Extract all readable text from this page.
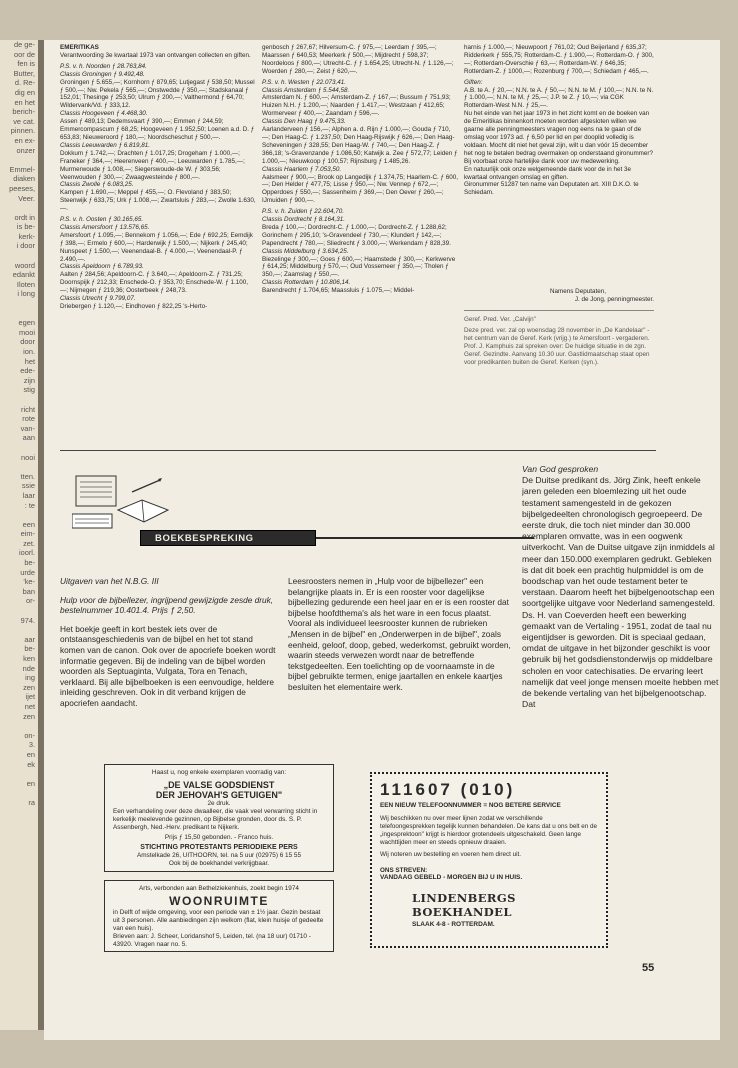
de ge-
oor de
fen is
Butter,
d. Re-
dig en
en het
berich-
ve cat.
pinnen.
en ex-
onzer

Emmel-
diaken
peeses,
Veer.

ordt in
is be-
kerk-
i door

woord
edankt
Iloten
i long

egen
mooi
door
ion.
het
ede-
zijn
stig

richt
rote
van-
aan

nooi

tten.
ssie
laar
: te

een
eim-
zet.
ioorl.
be-
urde
'ke-
ban
or-

974.

aar
be-
ken
nde
ing
zen
ijet
net
zen

on-
3.
en
ek

en

ra

EMERITIKAS

Verantwoording 3e kwartaal 1973 van ontvangen collecten en giften.

P.S. v. h. Noorden ƒ 28.763,84.

Classis Groningen ƒ 9.492,48.

Groningen ƒ 5.655,—; Kornhorn ƒ 879,65; Lutjegast ƒ 538,50; Mussel ƒ 500,—; Nw. Pekela ƒ 565,—; Onstwedde ƒ 350,—; Stadskanaal ƒ 152,01; Thesinge ƒ 253,50; Ulrum ƒ 200,—; Valthermond ƒ 64,70; Wildervank/Vd. ƒ 333,12.

Classis Hoogeveen ƒ 4.468,30.

Assen ƒ 489,13; Dedemsvaart ƒ 390,—; Emmen ƒ 244,59; Emmercompascum ƒ 68,25; Hoogeveen ƒ 1.952,50; Loenen a.d. D. ƒ 653,83; Nieuweroord ƒ 180,—; Noordscheschut ƒ 500,—.

Classis Leeuwarden ƒ 6.819,81.

Dokkum ƒ 1.742,—; Drachten ƒ 1.017,25; Drogeham ƒ 1.000,—; Franeker ƒ 364,—; Heerenveen ƒ 400,—; Leeuwarden ƒ 1.785,—; Murmerwoude ƒ 1.008,—; Siegerswoude-de W. ƒ 303,56; Veenwouden ƒ 300,—; Zwaagwesteinde ƒ 800,—.

Classis Zwolle ƒ 6.083,25.

Kampen ƒ 1.690,—; Meppel ƒ 455,—; O. Flevoland ƒ 383,50; Steenwijk ƒ 633,75; Urk ƒ 1.008,—; Zwartsluis ƒ 283,—; Zwolle 1.630,—.

P.S. v. h. Oosten ƒ 30.165,65.

Classis Amersfoort ƒ 13.576,65.

Amersfoort ƒ 1.095,—; Bennekom ƒ 1.056,—; Ede ƒ 692,25; Eemdijk ƒ 398,—; Ermelo ƒ 600,—; Harderwijk ƒ 1.500,—; Nijkerk ƒ 245,40; Nunspeet ƒ 1.500,—; Veenendaal-B. ƒ 4.000,—; Veenendaal-P. ƒ 2.490,—.

Classis Apeldoorn ƒ 6.789,93.

Aalten ƒ 284,56; Apeldoorn-C. ƒ 3.640,—; Apeldoorn-Z. ƒ 731,25; Doornspijk ƒ 212,33; Enschede-O. ƒ 353,70; Enschede-W. ƒ 1.100,—; Nijmegen ƒ 219,36; Oosterbeek ƒ 248,73.

Classis Utrecht ƒ 9.799,07.

Driebergen ƒ 1.120,—; Eindhoven ƒ 822,25 's-Herto-

genbosch ƒ 267,67; Hilversum-C. ƒ 975,—; Leerdam ƒ 395,—; Maarssen ƒ 640,53; Meerkerk ƒ 500,—; Mijdrecht ƒ 598,37; Noordeloos ƒ 800,—; Utrecht-C. ƒ ƒ 1.654,25; Utrecht-N. ƒ 1.126,—; Woerden ƒ 280,—; Zeist ƒ 620,—.

P.S. v. h. Westen ƒ 22.073,41.

Classis Amsterdam ƒ 5.544,58.

Amsterdam N. ƒ 600,—; Amsterdam-Z. ƒ 167,—; Bussum ƒ 751,93; Huizen N.H. ƒ 1.200,—; Naarden ƒ 1.417,—; Westzaan ƒ 412,65; Wormerveer ƒ 400,—; Zaandam ƒ 596,—.

Classis Den Haag ƒ 9.475,33.

Aarlanderveen ƒ 156,—; Alphen a. d. Rijn ƒ 1.000,—; Gouda ƒ 710,—; Den Haag-C. ƒ 1.237,50; Den Haag-Rijswijk ƒ 626,—; Den Haag-Scheveningen ƒ 328,55; Den Haag-W. ƒ 740,—; Den Haag-Z. ƒ 366,18; 's-Gravenzande ƒ 1.086,50; Katwijk a. Zee ƒ 572,77; Leiden ƒ 1.000,—; Nieuwkoop ƒ 100,57; Rijnsburg ƒ 1.485,26.

Classis Haarlem ƒ 7.053,50.

Aalsmeer ƒ 900,—; Brook op Langedijk ƒ 1.374,75; Haarlem-C. ƒ 600,—; Den Helder ƒ 477,75; Lisse ƒ 950,—; Nw. Vennep ƒ 672,—; Opperdoes ƒ 550,—; Sassenheim ƒ 369,—; Den Oever ƒ 260,—; IJmuiden ƒ 900,—.

P.S. v. h. Zuiden ƒ 22.604,70.

Classis Dordrecht ƒ 8.164,31.

Breda ƒ 100,—; Dordrecht-C. ƒ 1.000,—; Dordrecht-Z. ƒ 1.288,62; Gorinchem ƒ 295,10; 's-Gravendeel ƒ 730,—; Klundert ƒ 142,—; Papendrecht ƒ 780,—; Sliedrecht ƒ 3.000,—; Werkendam ƒ 828,39.

Classis Middelburg ƒ 3.634,25.

Biezelinge ƒ 300,—; Goes ƒ 600,—; Haamstede ƒ 300,—; Kerkwerve ƒ 614,25; Middelburg ƒ 570,—; Oud Vossemeer ƒ 350,—; Tholen ƒ 350,—; Zaamslag ƒ 550,—.

Classis Rotterdam ƒ 10.806,14.

Barendrecht ƒ 1.704,65; Maassluis ƒ 1.075,—; Middel-

harnis ƒ 1.000,—; Nieuwpoort ƒ 761,02; Oud Beijerland ƒ 635,37; Ridderkerk ƒ 555,75; Rotterdam-C. ƒ 1.900,—; Rotterdam-O. ƒ 300,—; Rotterdam-Overschie ƒ 63,—; Rotterdam-W. ƒ 646,35; Rotterdam-Z. ƒ 1000,—; Rozenburg ƒ 700,—; Schiedam ƒ 465,—.

Giften:

A.B. te A. ƒ 20,—; N.N. te A. ƒ 50,—; N.N. te M. ƒ 100,—; N.N. te N. ƒ 1.000,—; N.N. te M. ƒ 25,—; J.P. te Z. ƒ 10,—; via CGK Rotterdam-West N.N. ƒ 25,—.

Nu het einde van het jaar 1973 in het zicht komt en de boeken van de Emeritikas binnenkort moeten worden afgesloten willen we gaarne alle penningmeesters vragen nog eens na te gaan of de omslag voor 1973 ad. ƒ 6,50 per lid en per dooplid volledig is voldaan. Mocht dit niet het geval zijn, wilt u dan vóór 15 december het nog te betalen bedrag overmaken op onderstaand gironummer? Bij voorbaat onze hartelijke dank voor uw medewerking.

En natuurlijk ook onze welgemeende dank voor de in het 3e kwartaal ontvangen omslag en giften.

Gironummer 51287 ten name van Deputaten art. XIII D.K.O. te Schiedam.

Namens Deputaten,

J. de Jong, penningmeester.

Geref. Pred. Ver. „Calvijn"

Deze pred. ver. zal op woensdag 28 november in „De Kandelaar" - het centrum van de Geref. Kerk (vrijg.) te Amersfoort - vergaderen. Prof. J. Kamphuis zal spreken over: De huidige situatie in de zgn. Geref. Gezindte. Aanvang 10.30 uur. Gastlidmaatschap staat open voor predikanten buiten de Geref. Kerken (syn.).

BOEKBESPREKING

Uitgaven van het N.B.G. III

Hulp voor de bijbellezer, ingrijpend gewijzigde zesde druk, bestelnummer 10.401.4. Prijs ƒ 2,50.

Het boekje geeft in kort bestek iets over de ontstaansgeschiedenis van de bijbel en het tot stand komen van de canon. Ook over de apocriefe boeken wordt informatie gegeven. Bij de indeling van de bijbel worden woorden als Septuaginta, Vulgata, Tora en Tenach, verklaard. Bij alle bijbelboeken is een eenvoudige, heldere inleiding geschreven. Ook in dit verband krijgen de apocriefen aandacht.

Leesroosters nemen in „Hulp voor de bijbellezer" een belangrijke plaats in. Er is een rooster voor dagelijkse bijbellezing gedurende een heel jaar en er is een rooster dat bijbelse hoofdthema's als het ware in een focus plaatst. Vooral als individueel leesrooster kunnen de rubrieken „Mensen in de bijbel" en „Onderwerpen in de bijbel", zoals eenheid, geloof, doop, gebed, wederkomst, gebruikt worden, waarin steeds verwezen wordt naar de betreffende tekstgedeelten. Een toelichting op de voornaamste in de bijbel gebruikte termen, enige jaartallen en enkele kaartjes besluiten het elementaire werk.

Van God gesproken

De Duitse predikant ds. Jörg Zink, heeft enkele jaren geleden een bloemlezing uit het oude testament samengesteld in de gekozen bijbelgedeelten chronologisch gegroepeerd. De eerste druk, die toch niet minder dan 30.000 exemplaren omvatte, was in een oogwenk uitverkocht. Van de Duitse uitgave zijn inmiddels al meer dan 150.000 exemplaren gedrukt. Gebleken is dat dit boek een prachtig hulpmiddel is om de boodschap van het oude testament beter te verstaan. Daarom heeft het bijbelgenootschap een soortgelijke uitgave voor Nederland samengesteld. Ds. H. van Coeverden heeft een bewerking gemaakt van de Vertaling - 1951, zodat de taal nu eigentijdser is geworden. Dit is speciaal gedaan, omdat de uitgave in het bijzonder geschikt is voor gebruik bij het godsdienstonderwijs op middelbare scholen en voor catechisaties. De ervaring leert namelijk dat veel jonge mensen moeite hebben met de bekende vertaling van het bijbelgenootschap. Dat

Haast u, nog enkele exemplaren voorradig van:

„DE VALSE GODSDIENST

DER JEHOVAH'S GETUIGEN"

2e druk.

Een verhandeling over deze dwaalleer, die vaak veel verwarring sticht in kerkelijk meelevende gezinnen, op Bijbelse gronden, door ds. S. P. Assenbergh, Ned.-Herv. predikant te Nijkerk.

Prijs ƒ 15,50 gebonden. - Franco huis.

STICHTING PROTESTANTS PERIODIEKE PERS

Amstelkade 26, UITHOORN, tel. na 5 uur (02975) 6 15 55

Ook bij de boekhandel verkrijgbaar.

Arts, verbonden aan Bethelziekenhuis, zoekt begin 1974

WOONRUIMTE

in Delft of wijde omgeving, voor een periode van ± 1½ jaar. Gezin bestaat uit 3 personen. Alle aanbiedingen zijn welkom (flat, klein huisje of gedeelte van een huis).

Brieven aan: J. Scheer, Loridanshof 5, Leiden, tel. (na 18 uur) 01710 - 43920. Vragen naar no. 5.

111607 (010)

EEN NIEUW TELEFOONNUMMER = NOG BETERE SERVICE

Wij beschikken nu over meer lijnen zodat we verschillende telefoongesprekken tegelijk kunnen behandelen. De kans dat u ons belt en de „ingesprektoon" krijgt is hierdoor grotendeels uitgeschakeld. Geen lange wachttijden meer en steeds opnieuw draaien.

Wij noteren uw bestelling en voeren hem direct uit.

ONS STREVEN:

VANDAAG GEBELD - MORGEN BIJ U IN HUIS.

LINDENBERGS BOEKHANDEL

SLAAK 4-8 - ROTTERDAM.

55
